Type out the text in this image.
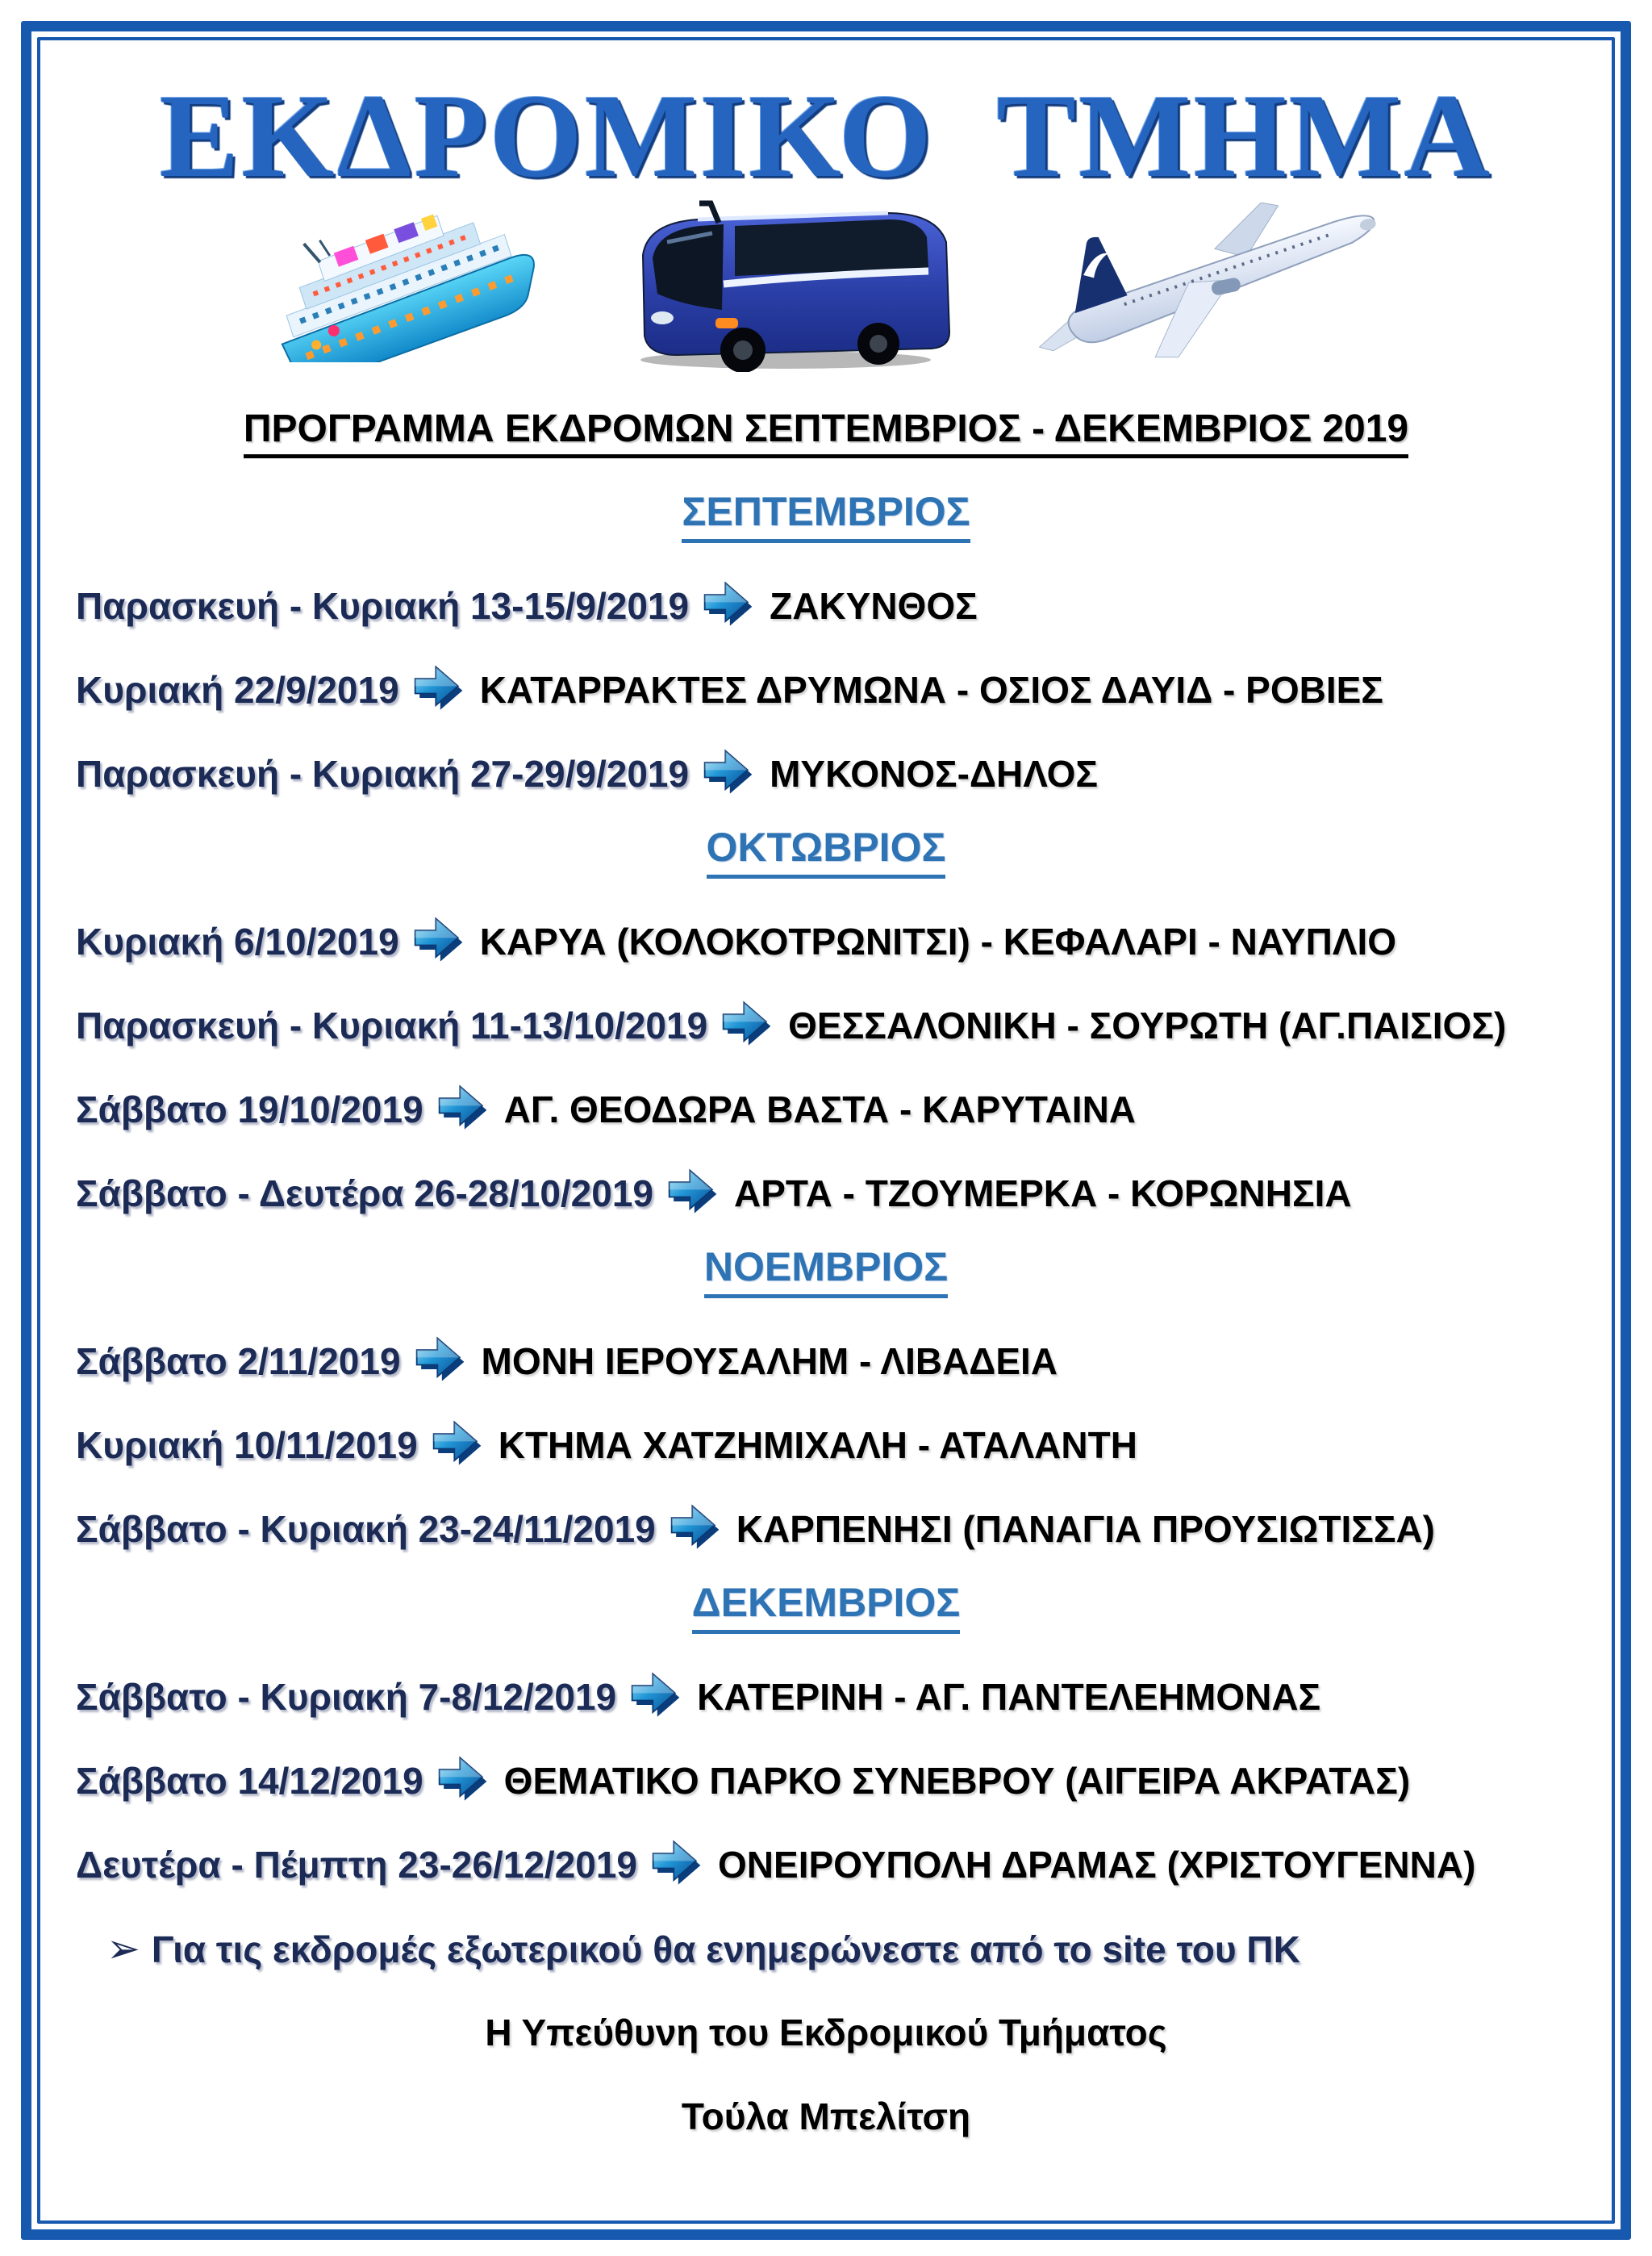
ΕΚΔΡΟΜΙΚΟ  ΤΜΗΜΑ
ΠΡΟΓΡΑΜΜΑ ΕΚΔΡΟΜΩΝ ΣΕΠΤΕΜΒΡΙΟΣ - ΔΕΚΕΜΒΡΙΟΣ 2019
ΣΕΠΤΕΜΒΡΙΟΣ
Παρασκευή - Κυριακή 13-15/9/2019 ΖΑΚΥΝΘΟΣ
Κυριακή 22/9/2019 ΚΑΤΑΡΡΑΚΤΕΣ ΔΡΥΜΩΝΑ - ΟΣΙΟΣ ΔΑΥΙΔ - ΡΟΒΙΕΣ
Παρασκευή - Κυριακή 27-29/9/2019 ΜΥΚΟΝΟΣ-ΔΗΛΟΣ
ΟΚΤΩΒΡΙΟΣ
Κυριακή 6/10/2019 ΚΑΡΥΑ (ΚΟΛΟΚΟΤΡΩΝΙΤΣΙ) - ΚΕΦΑΛΑΡΙ - ΝΑΥΠΛΙΟ
Παρασκευή - Κυριακή 11-13/10/2019 ΘΕΣΣΑΛΟΝΙΚΗ - ΣΟΥΡΩΤΗ (ΑΓ.ΠΑΙΣΙΟΣ)
Σάββατο 19/10/2019 ΑΓ. ΘΕΟΔΩΡΑ ΒΑΣΤΑ - ΚΑΡΥΤΑΙΝΑ
Σάββατο - Δευτέρα 26-28/10/2019 ΑΡΤΑ - ΤΖΟΥΜΕΡΚΑ - ΚΟΡΩΝΗΣΙΑ
ΝΟΕΜΒΡΙΟΣ
Σάββατο 2/11/2019 ΜΟΝΗ ΙΕΡΟΥΣΑΛΗΜ - ΛΙΒΑΔΕΙΑ
Κυριακή 10/11/2019 ΚΤΗΜΑ ΧΑΤΖΗΜΙΧΑΛΗ - ΑΤΑΛΑΝΤΗ
Σάββατο - Κυριακή 23-24/11/2019 ΚΑΡΠΕΝΗΣΙ (ΠΑΝΑΓΙΑ ΠΡΟΥΣΙΩΤΙΣΣΑ)
ΔΕΚΕΜΒΡΙΟΣ
Σάββατο - Κυριακή 7-8/12/2019 ΚΑΤΕΡΙΝΗ - ΑΓ. ΠΑΝΤΕΛΕΗΜΟΝΑΣ
Σάββατο 14/12/2019 ΘΕΜΑΤΙΚΟ ΠΑΡΚΟ ΣΥΝΕΒΡΟΥ (ΑΙΓΕΙΡΑ ΑΚΡΑΤΑΣ)
Δευτέρα - Πέμπτη 23-26/12/2019 ΟΝΕΙΡΟΥΠΟΛΗ ΔΡΑΜΑΣ (ΧΡΙΣΤΟΥΓΕΝΝΑ)
➢ Για τις εκδρομές εξωτερικού θα ενημερώνεστε από το site του ΠΚ
Η Υπεύθυνη του Εκδρομικού Τμήματος
Τούλα Μπελίτση
